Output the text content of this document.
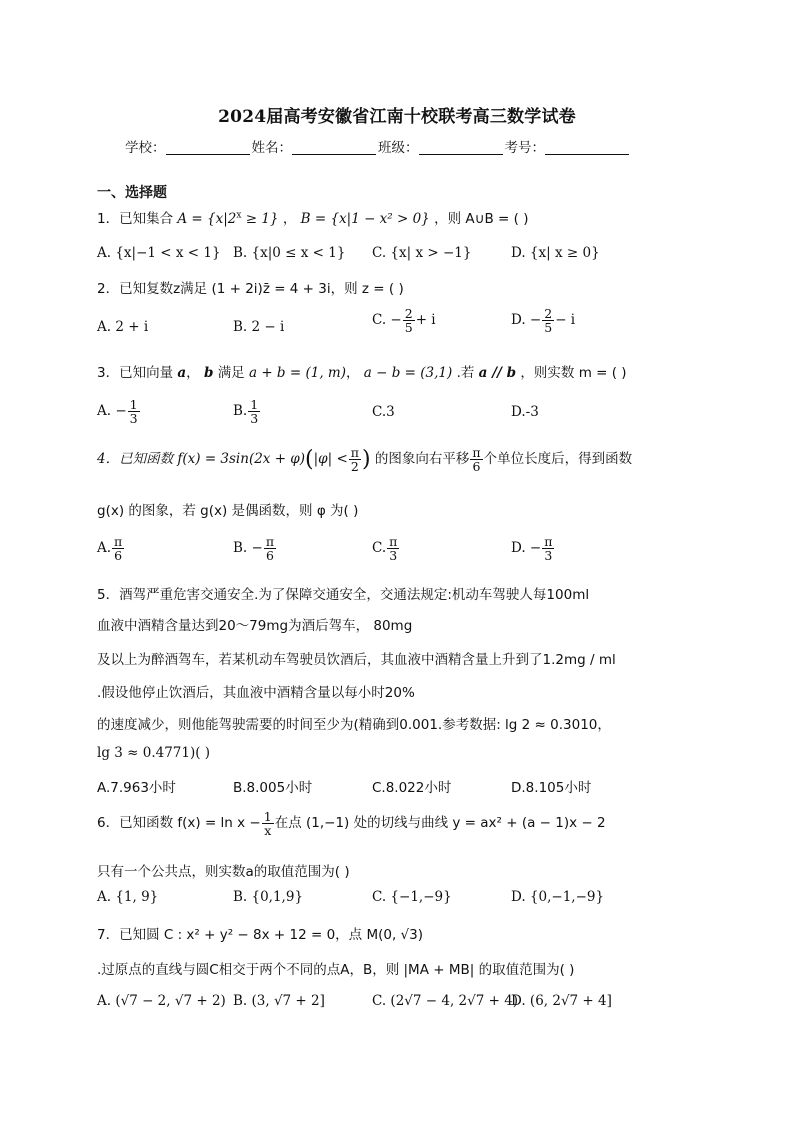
2024届高考安徽省江南十校联考高三数学试卷
学校：	姓名：	班级：	考号：
一、选择题
1．已知集合 $A = \{x|2^x \ge 1\}$ ， B = {x|1 − x² > 0} ，则 A∪B = ( )
A. {x|−1 < x < 1} B. {x|0 ≤ x < 1} C. {x| x > −1}	D. {x| x ≥ 0}
2．已知复数z满足 (1 + 2i)z̄ = 4 + 3i，则 z = ( )
A. 2 + i	B. 2 − i	C. − $\frac{2}{5} + i$	D. − $\frac{2}{5} - i$
3．已知向量 a， b 满足 a + b = (1, m)， a − b = (3,1) .若 a // b ，则实数 m = ( )
A. − $\frac{1}{3}$	B. $\frac{1}{3}$	C.3	D.-3
4．已知函数 $f(x) = 3\sin(2x + \varphi)(|\varphi| < \frac{\pi}{2}$ ) 的图象向右平移 $\frac{\pi}{6}$ 个单位长度后，得到函数
g(x) 的图象，若 g(x) 是偶函数，则 φ 为( )
A. $\frac{\pi}{6}$	B. − $\frac{\pi}{6}$	C. $\frac{\pi}{3}$	D. − $\frac{\pi}{3}$
5．酒驾严重危害交通安全.为了保障交通安全，交通法规定:机动车驾驶人每100ml
血液中酒精含量达到20～79mg为酒后驾车， 80mg
及以上为醉酒驾车，若某机动车驾驶员饮酒后，其血液中酒精含量上升到了1.2mg / ml
.假设他停止饮酒后，其血液中酒精含量以每小时20%
的速度减少，则他能驾驶需要的时间至少为(精确到0.001.参考数据: lg 2 ≈ 0.3010，
lg 3 ≈ 0.4771)( )
A.7.963小时	B.8.005小时	C.8.022小时	D.8.105小时
6．已知函数 $f(x) = \ln x - \frac{1}{x}$ 在点 (1,−1) 处的切线与曲线 y = ax² + (a − 1)x − 2
只有一个公共点，则实数a的取值范围为( )
A. {1, 9}	B. {0,1,9}	C. {−1,−9}	D. {0,−1,−9}
7．已知圆 C : x² + y² − 8x + 12 = 0，点 M(0, √3)
.过原点的直线与圆C相交于两个不同的点A，B，则 |MA + MB| 的取值范围为( )
A. (√7 − 2, √7 + 2) B. (3, √7 + 2]	C. (2√7 − 4, 2√7 + 4)
D. (6, 2√7 + 4]
